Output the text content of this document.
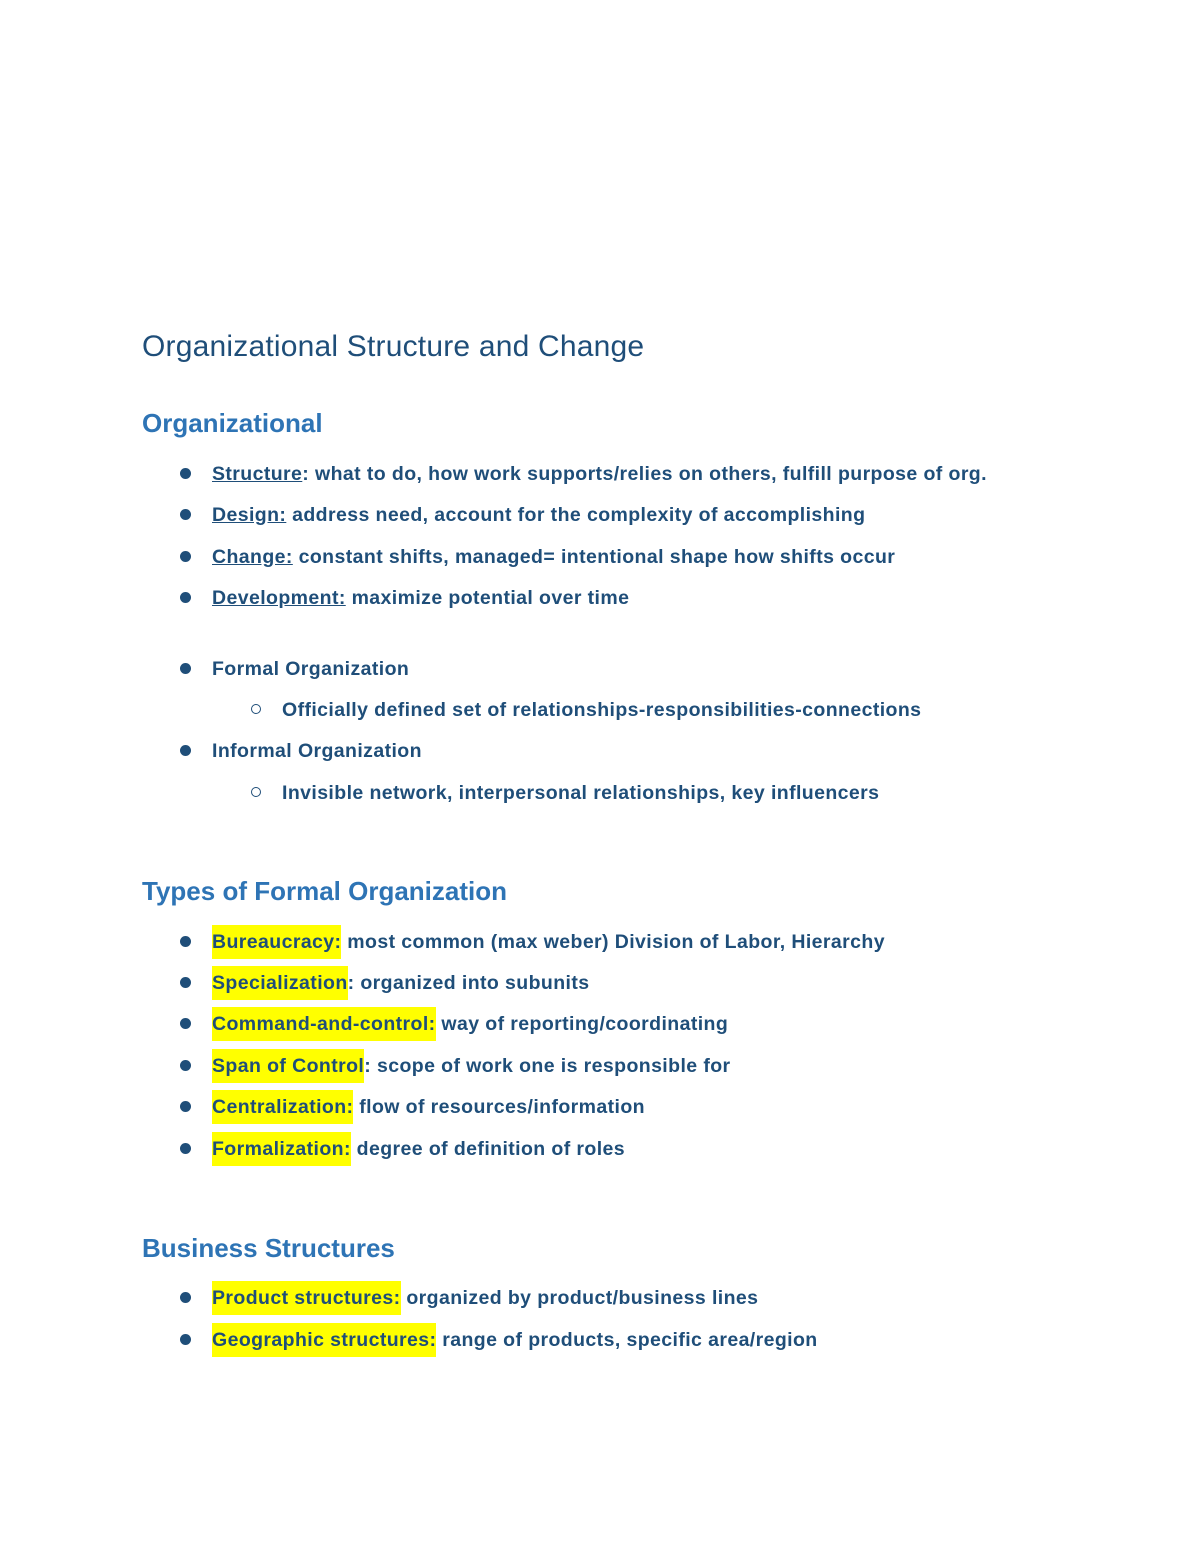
Organizational Structure and Change
Organizational
Structure: what to do, how work supports/relies on others, fulfill purpose of org.
Design: address need, account for the complexity of accomplishing
Change: constant shifts, managed= intentional shape how shifts occur
Development: maximize potential over time
Formal Organization
Officially defined set of relationships-responsibilities-connections
Informal Organization
Invisible network, interpersonal relationships, key influencers
Types of Formal Organization
Bureaucracy: most common (max weber) Division of Labor, Hierarchy
Specialization: organized into subunits
Command-and-control: way of reporting/coordinating
Span of Control: scope of work one is responsible for
Centralization: flow of resources/information
Formalization: degree of definition of roles
Business Structures
Product structures: organized by product/business lines
Geographic structures: range of products, specific area/region
